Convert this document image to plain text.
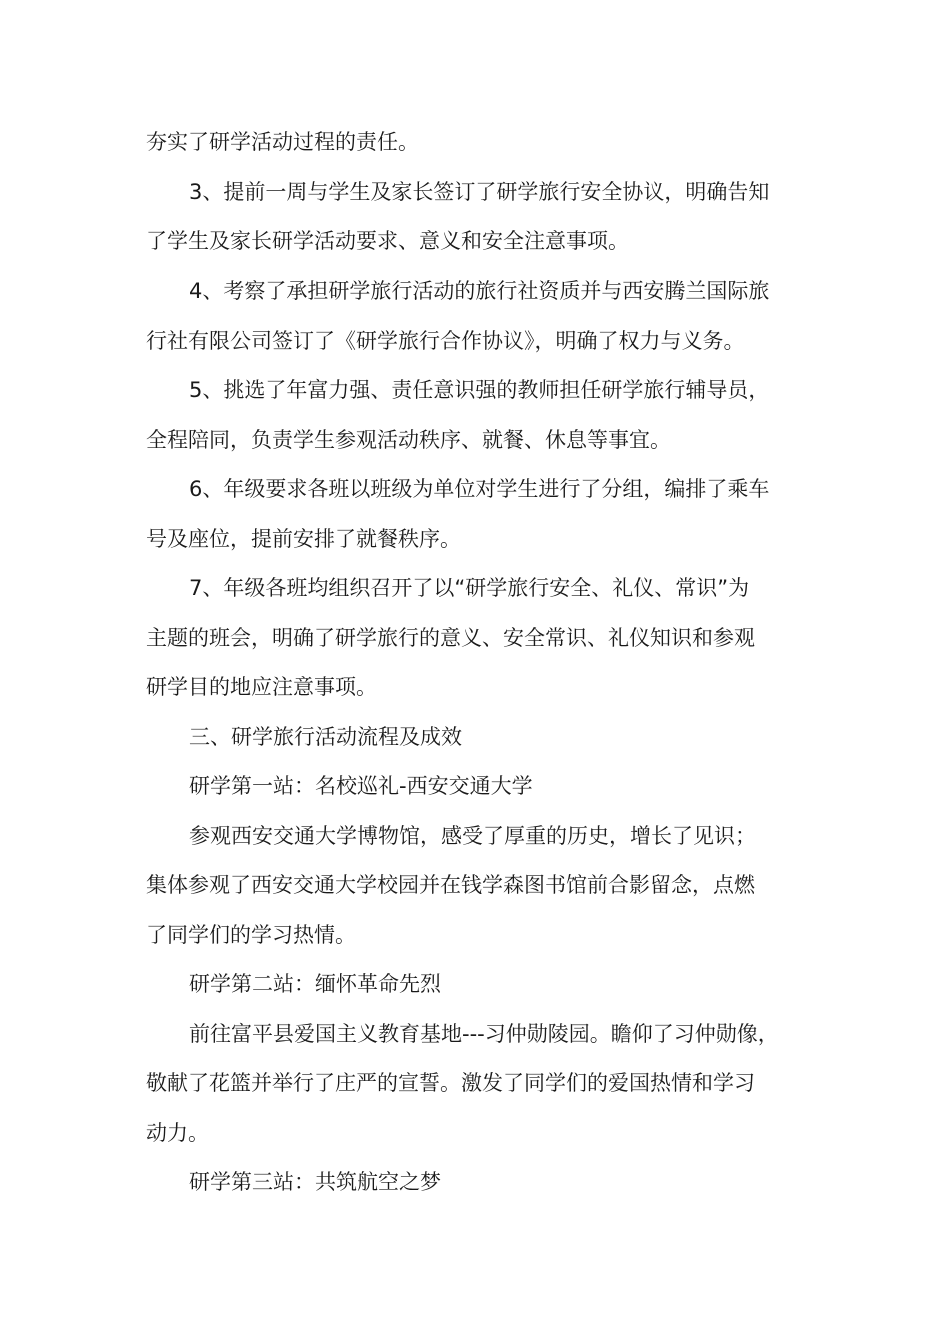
夯实了研学活动过程的责任。

3、提前一周与学生及家长签订了研学旅行安全协议，明确告知

了学生及家长研学活动要求、意义和安全注意事项。

4、考察了承担研学旅行活动的旅行社资质并与西安腾兰国际旅

行社有限公司签订了《研学旅行合作协议》，明确了权力与义务。

5、挑选了年富力强、责任意识强的教师担任研学旅行辅导员，

全程陪同，负责学生参观活动秩序、就餐、休息等事宜。

6、年级要求各班以班级为单位对学生进行了分组，编排了乘车

号及座位，提前安排了就餐秩序。

7、年级各班均组织召开了以“研学旅行安全、礼仪、常识”为

主题的班会，明确了研学旅行的意义、安全常识、礼仪知识和参观

研学目的地应注意事项。

三、研学旅行活动流程及成效

研学第一站：名校巡礼-西安交通大学

参观西安交通大学博物馆，感受了厚重的历史，增长了见识；

集体参观了西安交通大学校园并在钱学森图书馆前合影留念，点燃

了同学们的学习热情。

研学第二站：缅怀革命先烈

前往富平县爱国主义教育基地---习仲勋陵园。瞻仰了习仲勋像，

敬献了花篮并举行了庄严的宣誓。激发了同学们的爱国热情和学习

动力。

研学第三站：共筑航空之梦
